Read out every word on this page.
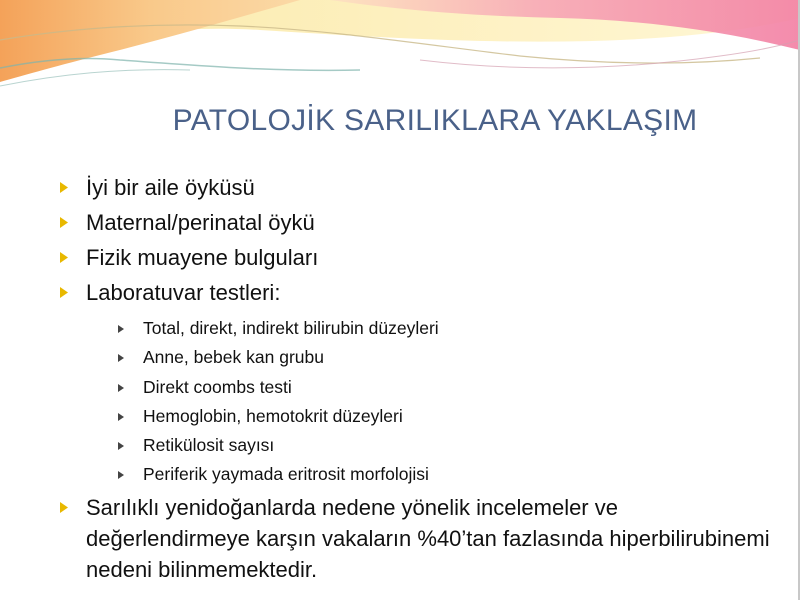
PATOLOJİK SARILIKLARA YAKLAŞIM
İyi bir aile öyküsü
Maternal/perinatal öykü
Fizik muayene bulguları
Laboratuvar testleri:
Total, direkt, indirekt bilirubin düzeyleri
Anne, bebek kan grubu
Direkt coombs testi
Hemoglobin, hemotokrit düzeyleri
Retikülosit sayısı
Periferik yaymada eritrosit morfolojisi
Sarılıklı yenidoğanlarda nedene yönelik incelemeler ve değerlendirmeye karşın vakaların %40’tan fazlasında hiperbilirubinemi nedeni bilinmemektedir.
